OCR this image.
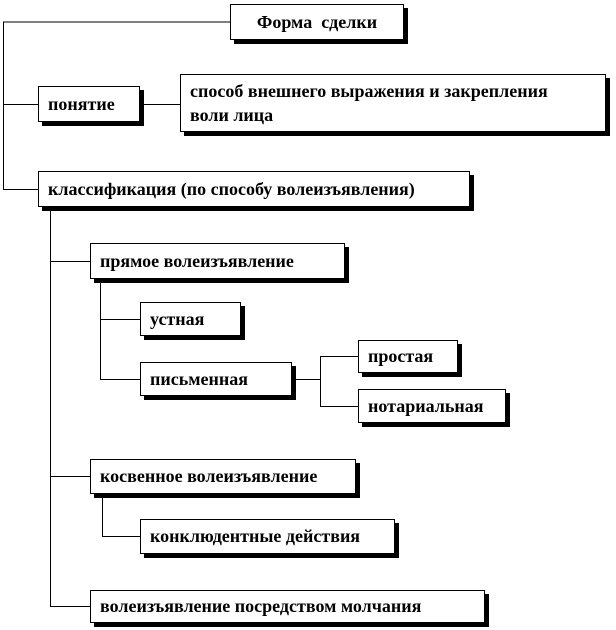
Форма  сделки
понятие
способ внешнего выражения и закрепления
воли лица
классификация (по способу волеизъявления)
прямое волеизъявление
устная
письменная
простая
нотариальная
косвенное волеизъявление
конклюдентные действия
волеизъявление посредством молчания
